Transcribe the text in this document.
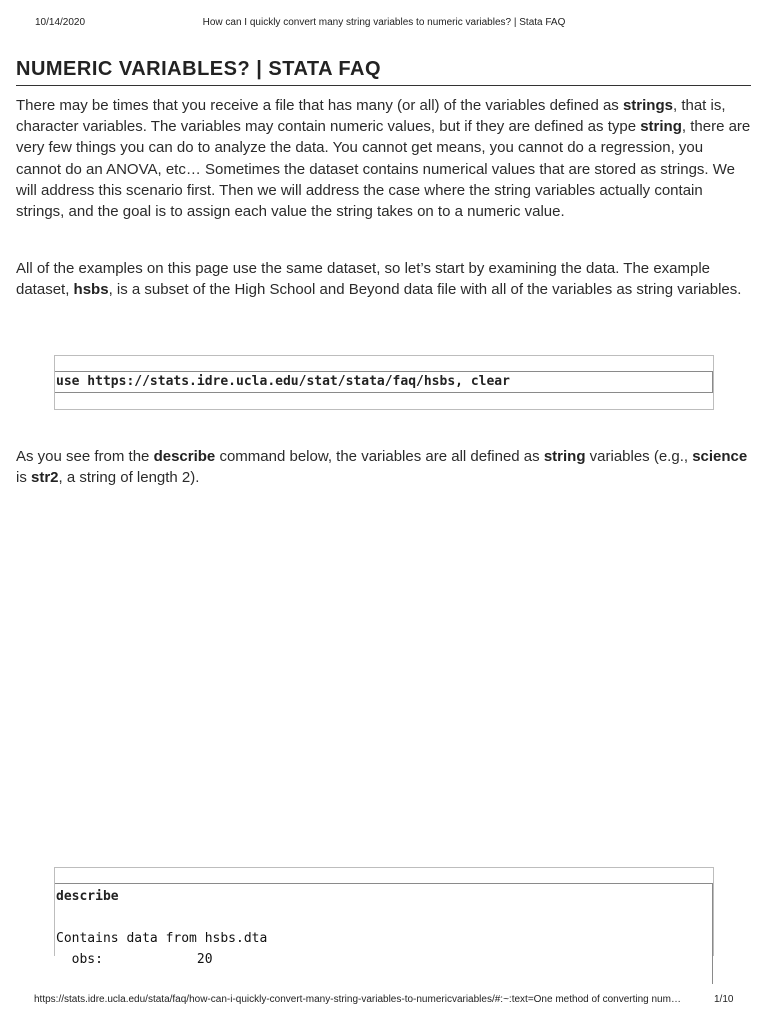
10/14/2020	How can I quickly convert many string variables to numeric variables? | Stata FAQ
NUMERIC VARIABLES? | STATA FAQ

There may be times that you receive a file that has many (or all) of the variables defined as strings, that is, character variables. The variables may contain numeric values, but if they are defined as type string, there are very few things you can do to analyze the data. You cannot get means, you cannot do a regression, you cannot do an ANOVA, etc… Sometimes the dataset contains numerical values that are stored as strings. We will address this scenario first. Then we will address the case where the string variables actually contain strings, and the goal is to assign each value the string takes on to a numeric value.

All of the examples on this page use the same dataset, so let’s start by examining the data. The example dataset, hsbs, is a subset of the High School and Beyond data file with all of the variables as string variables.

use https://stats.idre.ucla.edu/stat/stata/faq/hsbs, clear

As you see from the describe command below, the variables are all defined as string variables (e.g., science is str2, a string of length 2).

describe

Contains data from hsbs.dta
obs:            20
https://stats.idre.ucla.edu/stata/faq/how-can-i-quickly-convert-many-string-variables-to-numericvariables/#:~:text=One method of converting num…	1/10
